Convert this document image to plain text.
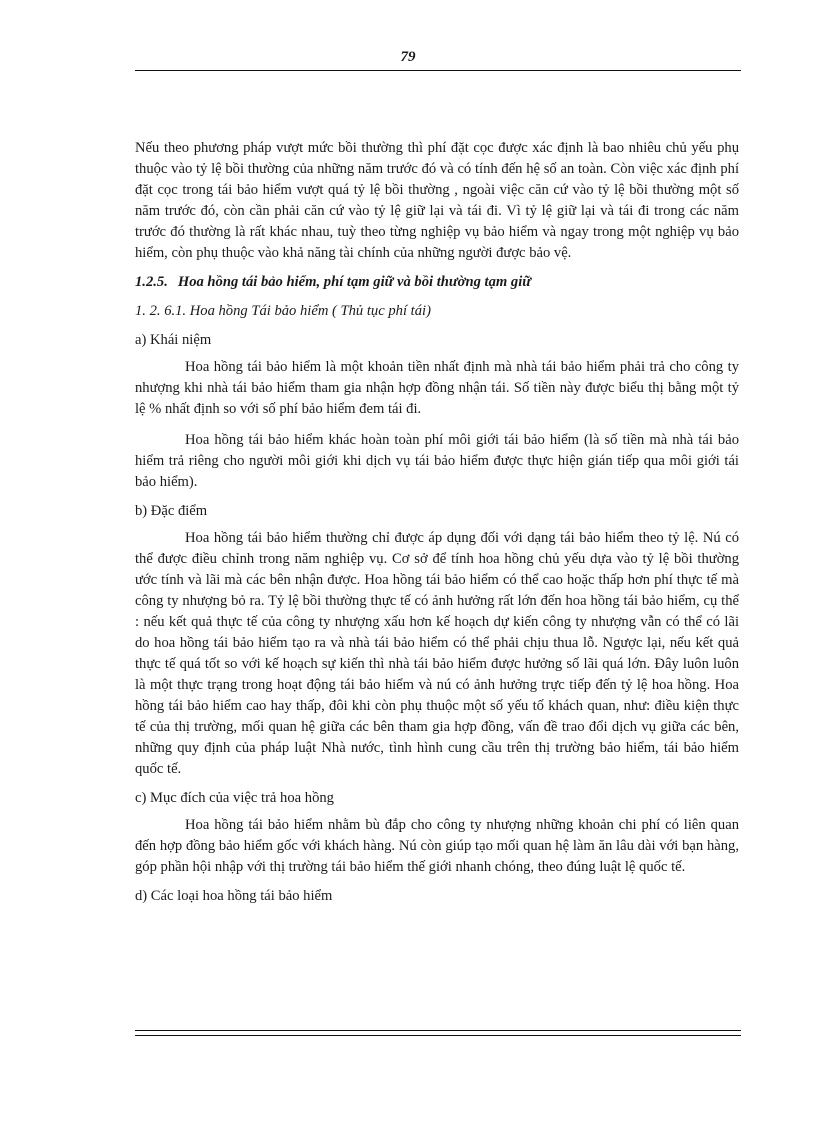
79

Nếu theo phương pháp vượt mức bồi thường thì phí đặt cọc được xác định là bao nhiêu chủ yếu phụ thuộc vào tỷ lệ bồi thường của những năm trước đó và có tính đến hệ số an toàn. Còn việc xác định phí đặt cọc trong tái bảo hiểm vượt quá tỷ lệ bồi thường , ngoài việc căn cứ vào tỷ lệ bồi thường một số năm trước đó, còn cần phải căn cứ vào tỷ lệ giữ lại và tái đi. Vì tỷ lệ giữ lại và tái đi trong các năm trước đó thường là rất khác nhau, tuỳ theo từng nghiệp vụ bảo hiểm và ngay trong một nghiệp vụ bảo hiểm, còn phụ thuộc vào khả năng tài chính của những người được bảo vệ.

1.2.5. Hoa hồng tái bảo hiểm, phí tạm giữ và bồi thường tạm giữ
1. 2. 6.1. Hoa hồng Tái bảo hiểm ( Thủ tục phí tái)
a) Khái niệm

Hoa hồng tái bảo hiểm là một khoản tiền nhất định mà nhà tái bảo hiểm phải trả cho công ty nhượng khi nhà tái bảo hiểm tham gia nhận hợp đồng nhận tái. Số tiền này được biểu thị bằng một tỷ lệ % nhất định so với số phí bảo hiểm đem tái đi.

Hoa hồng tái bảo hiểm khác hoàn toàn phí môi giới tái bảo hiểm (là số tiền mà nhà tái bảo hiểm trả riêng cho người môi giới khi dịch vụ tái bảo hiểm được thực hiện gián tiếp qua môi giới tái bảo hiểm).

b) Đặc điểm

Hoa hồng tái bảo hiểm thường chỉ được áp dụng đối với dạng tái bảo hiểm theo tỷ lệ. Nú có thể được điều chỉnh trong năm nghiệp vụ. Cơ sở để tính hoa hồng chủ yếu dựa vào tỷ lệ bồi thường ước tính và lãi mà các bên nhận được. Hoa hồng tái bảo hiểm có thể cao hoặc thấp hơn phí thực tế mà công ty nhượng bỏ ra. Tỷ lệ bồi thường thực tế có ảnh hưởng rất lớn đến hoa hồng tái bảo hiểm, cụ thể : nếu kết quả thực tế của công ty nhượng xấu hơn kế hoạch dự kiến công ty nhượng vẫn có thể có lãi do hoa hồng tái bảo hiểm tạo ra và nhà tái bảo hiểm có thể phải chịu thua lỗ. Ngược lại, nếu kết quả thực tế quá tốt so với kế hoạch sự kiến thì nhà tái bảo hiểm được hưởng số lãi quá lớn. Đây luôn luôn là một thực trạng trong hoạt động tái bảo hiểm và nú có ảnh hưởng trực tiếp đến tỷ lệ hoa hồng. Hoa hồng tái bảo hiểm cao hay thấp, đôi khi còn phụ thuộc một số yếu tố khách quan, như: điều kiện thực tế của thị trường, mối quan hệ giữa các bên tham gia hợp đồng, vấn đề trao đổi dịch vụ giữa các bên, những quy định của pháp luật Nhà nước, tình hình cung cầu trên thị trường bảo hiểm, tái bảo hiểm quốc tế.

c) Mục đích của việc trả hoa hồng

Hoa hồng tái bảo hiểm nhằm bù đắp cho công ty nhượng những khoản chi phí có liên quan đến hợp đồng bảo hiểm gốc với khách hàng. Nú còn giúp tạo mối quan hệ làm ăn lâu dài với bạn hàng, góp phần hội nhập với thị trường tái bảo hiểm thế giới nhanh chóng, theo đúng luật lệ quốc tế.

d) Các loại hoa hồng tái bảo hiểm
